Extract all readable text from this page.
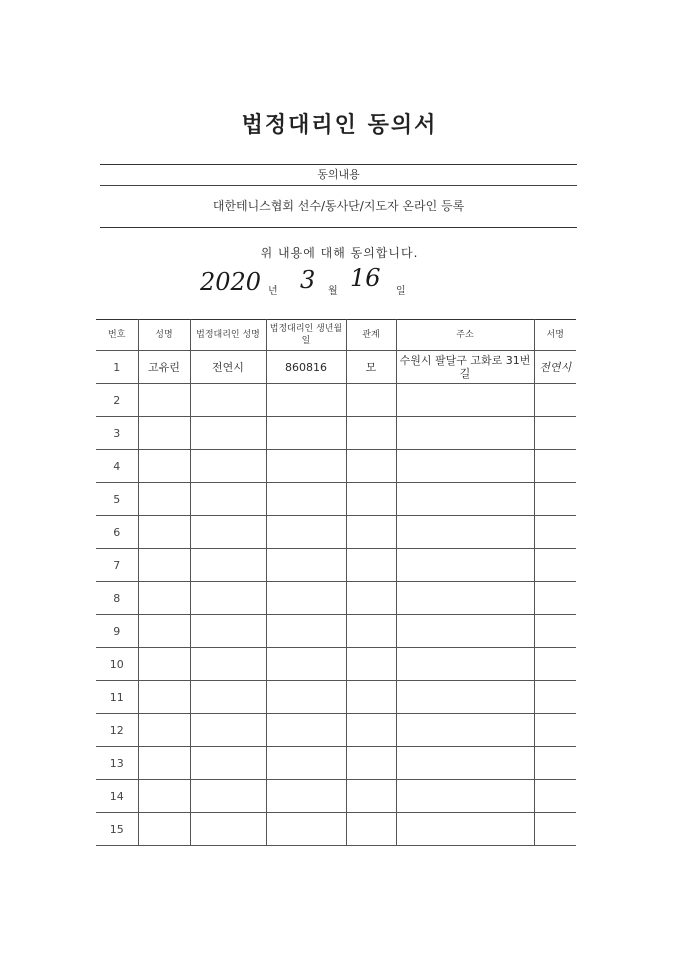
법정대리인 동의서
동의내용
대한테니스협회 선수/동사단/지도자 온라인 등록
위 내용에 대해 동의합니다.
2020 년 3 월 16 일
번호	성명	법정대리인 성명	법정대리인 생년월일	관계	주소	서명
1	고유린	전연시	860816	모	수원시 팔달구 고화로 31번길	전연시
2						
3						
4						
5						
6						
7						
8						
9						
10						
11						
12						
13						
14						
15						
